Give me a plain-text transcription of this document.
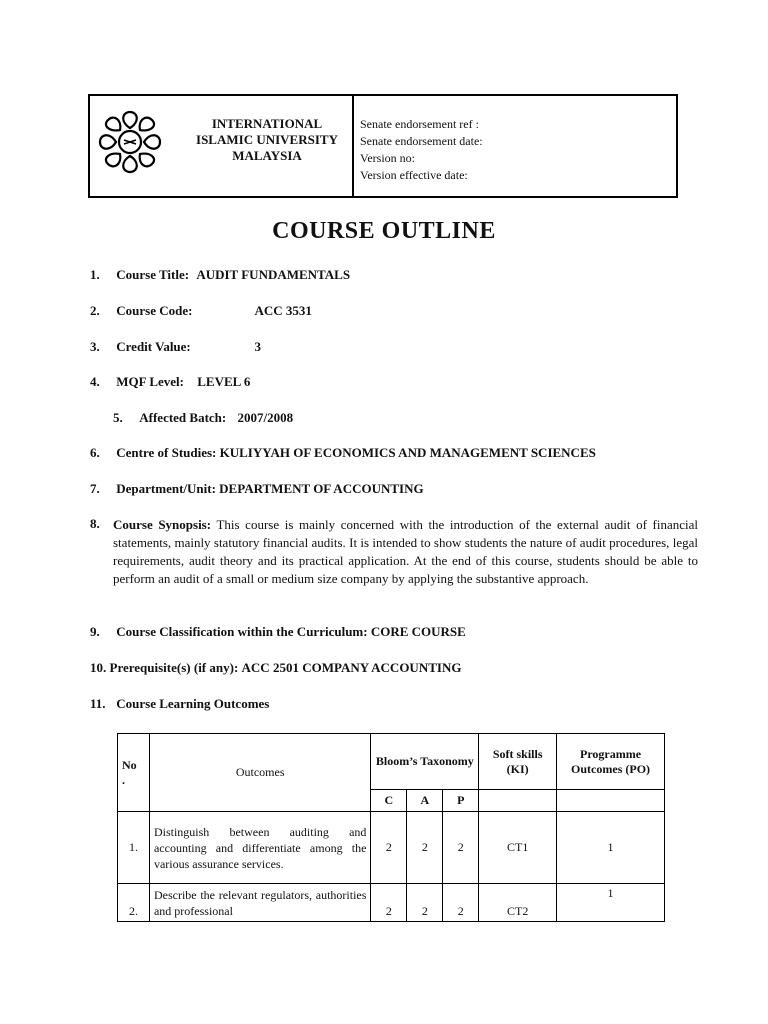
INTERNATIONAL
ISLAMIC UNIVERSITY
MALAYSIA
Senate endorsement ref :
Senate endorsement date:
Version no:
Version effective date:
COURSE OUTLINE
1. Course Title: AUDIT FUNDAMENTALS
2. Course Code:	ACC 3531
3. Credit Value:	3
4. MQF Level: LEVEL 6
5. Affected Batch: 2007/2008
6. Centre of Studies: KULIYYAH OF ECONOMICS AND MANAGEMENT SCIENCES
7. Department/Unit: DEPARTMENT OF ACCOUNTING
8. Course Synopsis: This course is mainly concerned with the introduction of the external audit of financial statements, mainly statutory financial audits. It is intended to show students the nature of audit procedures, legal requirements, audit theory and its practical application. At the end of this course, students should be able to perform an audit of a small or medium size company by applying the substantive approach.
9. Course Classification within the Curriculum: CORE COURSE
10. Prerequisite(s) (if any): ACC 2501 COMPANY ACCOUNTING
11. Course Learning Outcomes
No
.	Outcomes	Bloom’s Taxonomy			Soft skills (KI)	Programme Outcomes (PO)
		C	A	P		
1.	Distinguish between auditing and accounting and differentiate among the various assurance services.	2	2	2	CT1	1
2.	Describe the relevant regulators, authorities and professional	2	2	2	CT2	1
